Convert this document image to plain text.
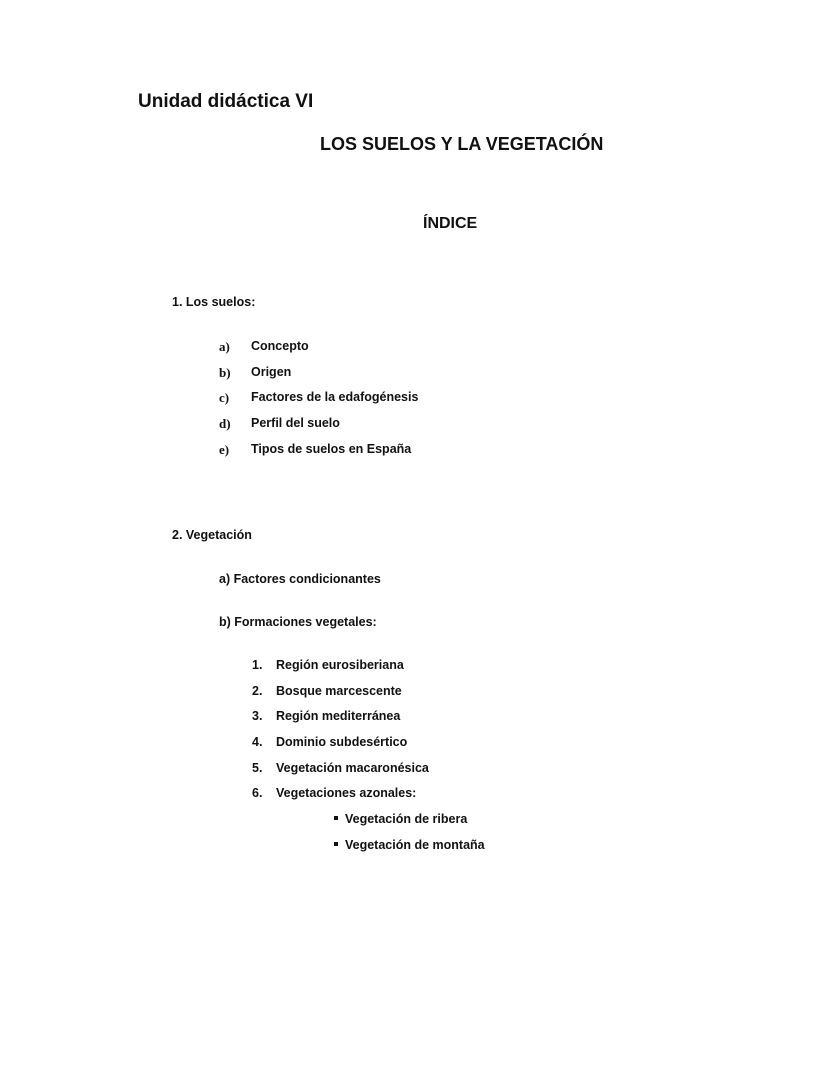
Unidad didáctica VI
LOS SUELOS Y LA VEGETACIÓN
ÍNDICE
1. Los suelos:
a) Concepto
b) Origen
c) Factores de la edafogénesis
d) Perfil del suelo
e) Tipos de suelos en España
2. Vegetación
a) Factores condicionantes
b) Formaciones vegetales:
1. Región eurosiberiana
2. Bosque marcescente
3. Región mediterránea
4. Dominio subdesértico
5. Vegetación macaronésica
6. Vegetaciones azonales:
Vegetación de ribera
Vegetación de montaña
